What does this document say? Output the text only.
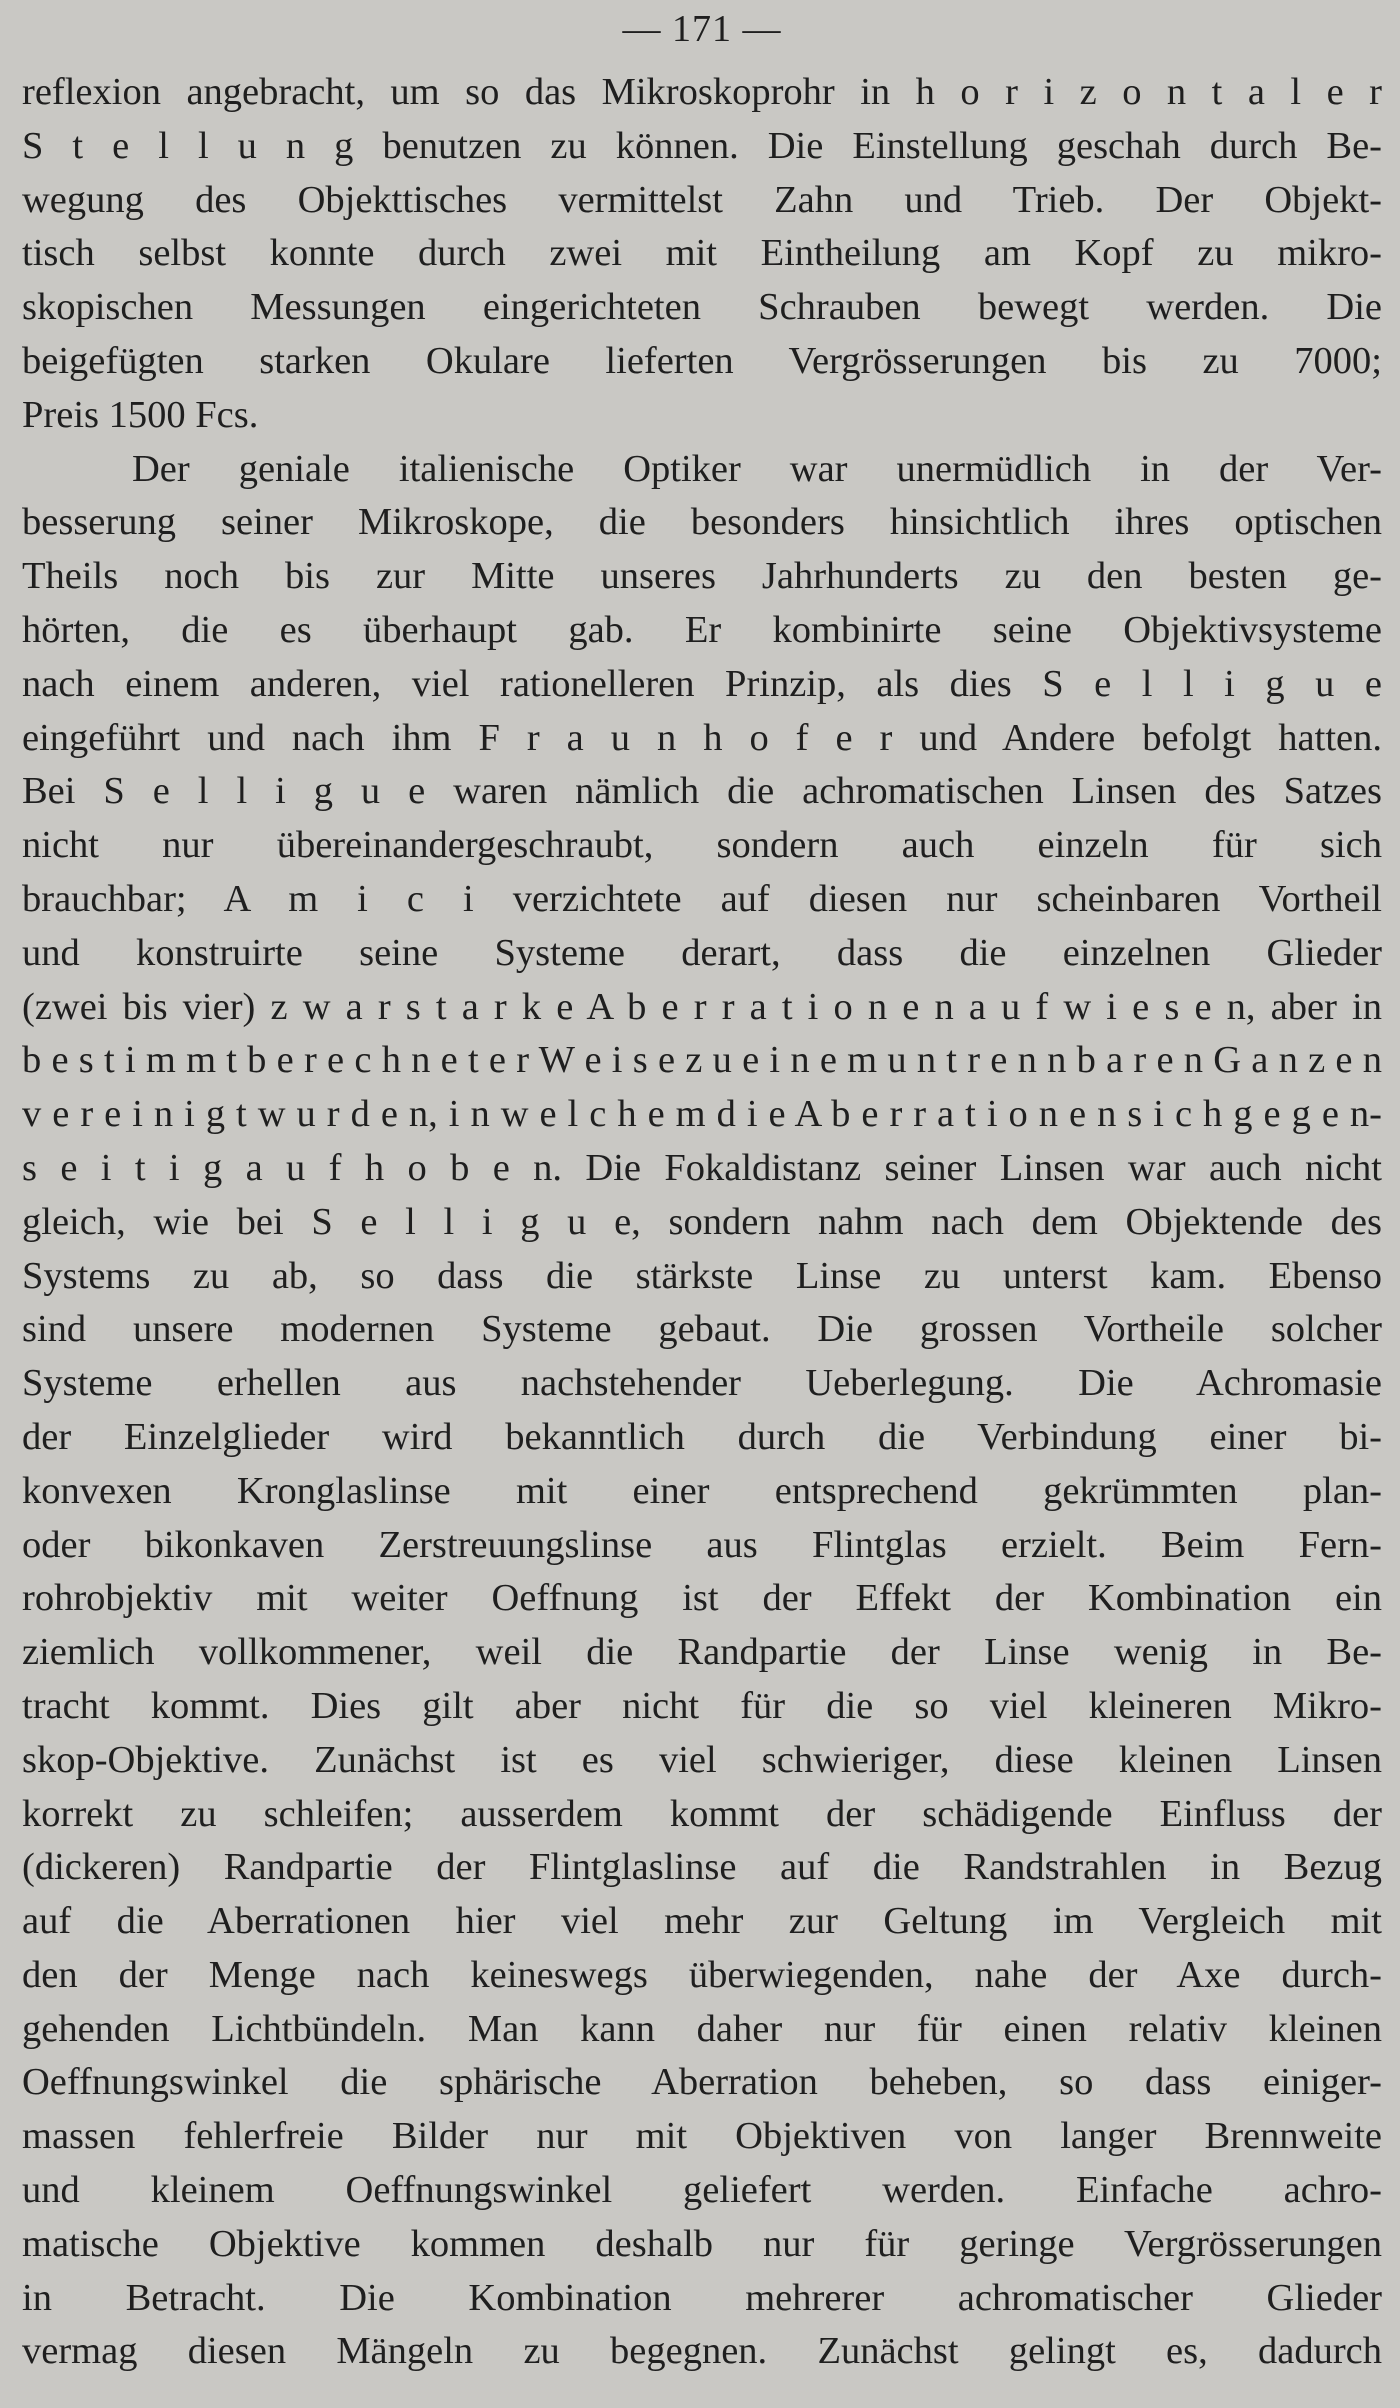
— 171 —
reflexion angebracht, um so das Mikroskoprohr in h o r i z o n t a l e r
S t e l l u n g benutzen zu können. Die Einstellung geschah durch Be-
wegung des Objekttisches vermittelst Zahn und Trieb. Der Objekt-
tisch selbst konnte durch zwei mit Eintheilung am Kopf zu mikro-
skopischen Messungen eingerichteten Schrauben bewegt werden. Die
beigefügten starken Okulare lieferten Vergrösserungen bis zu 7000;
Preis 1500 Fcs.
Der geniale italienische Optiker war unermüdlich in der Ver-
besserung seiner Mikroskope, die besonders hinsichtlich ihres optischen
Theils noch bis zur Mitte unseres Jahrhunderts zu den besten ge-
hörten, die es überhaupt gab. Er kombinirte seine Objektivsysteme
nach einem anderen, viel rationelleren Prinzip, als dies S e l l i g u e
eingeführt und nach ihm F r a u n h o f e r und Andere befolgt hatten.
Bei S e l l i g u e waren nämlich die achromatischen Linsen des Satzes
nicht nur übereinandergeschraubt, sondern auch einzeln für sich
brauchbar; A m i c i verzichtete auf diesen nur scheinbaren Vortheil
und konstruirte seine Systeme derart, dass die einzelnen Glieder
(zwei bis vier) z w a r s t a r k e A b e r r a t i o n e n a u f w i e s e n, aber in
b e s t i m m t b e r e c h n e t e r W e i s e z u e i n e m u n t r e n n b a r e n G a n z e n
v e r e i n i g t w u r d e n, i n w e l c h e m d i e A b e r r a t i o n e n s i c h g e g e n-
s e i t i g a u f h o b e n. Die Fokaldistanz seiner Linsen war auch nicht
gleich, wie bei S e l l i g u e, sondern nahm nach dem Objektende des
Systems zu ab, so dass die stärkste Linse zu unterst kam. Ebenso
sind unsere modernen Systeme gebaut. Die grossen Vortheile solcher
Systeme erhellen aus nachstehender Ueberlegung. Die Achromasie
der Einzelglieder wird bekanntlich durch die Verbindung einer bi-
konvexen Kronglaslinse mit einer entsprechend gekrümmten plan-
oder bikonkaven Zerstreuungslinse aus Flintglas erzielt. Beim Fern-
rohrobjektiv mit weiter Oeffnung ist der Effekt der Kombination ein
ziemlich vollkommener, weil die Randpartie der Linse wenig in Be-
tracht kommt. Dies gilt aber nicht für die so viel kleineren Mikro-
skop-Objektive. Zunächst ist es viel schwieriger, diese kleinen Linsen
korrekt zu schleifen; ausserdem kommt der schädigende Einfluss der
(dickeren) Randpartie der Flintglaslinse auf die Randstrahlen in Bezug
auf die Aberrationen hier viel mehr zur Geltung im Vergleich mit
den der Menge nach keineswegs überwiegenden, nahe der Axe durch-
gehenden Lichtbündeln. Man kann daher nur für einen relativ kleinen
Oeffnungswinkel die sphärische Aberration beheben, so dass einiger-
massen fehlerfreie Bilder nur mit Objektiven von langer Brennweite
und kleinem Oeffnungswinkel geliefert werden. Einfache achro-
matische Objektive kommen deshalb nur für geringe Vergrösserungen
in Betracht. Die Kombination mehrerer achromatischer Glieder
vermag diesen Mängeln zu begegnen. Zunächst gelingt es, dadurch
